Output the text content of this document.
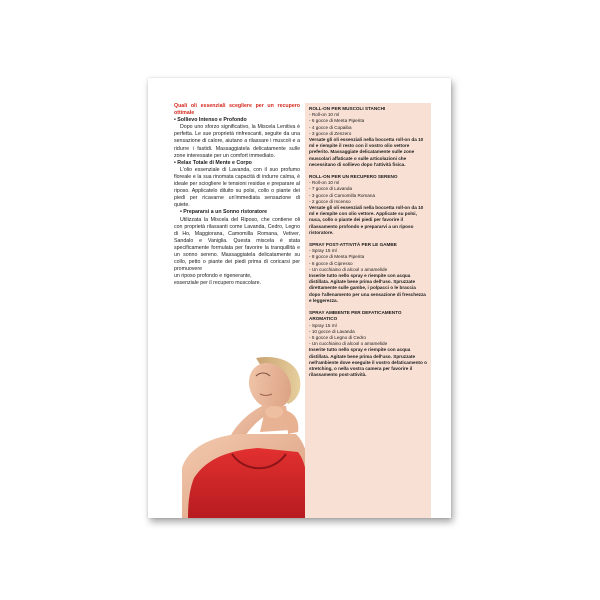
Quali oli essenziali scegliere per un recupero ottimale

• Sollievo Intenso e Profondo

Dopo uno sforzo significativo, la Miscela Lenitiva è perfetta. Le sue proprietà rinfrescanti, seguite da una sensazione di calore, aiutano a rilassare i muscoli e a ridurre i fastidi. Massaggiatela delicatamente sulle zone interessate per un comfort immediato.

• Relax Totale di Mente e Corpo

L'olio essenziale di Lavanda, con il suo profumo floreale e la sua rinomata capacità di indurre calma, è ideale per sciogliere le tensioni residue e preparare al riposo. Applicatelo diluito su polsi, collo o piante dei piedi per ricavarne un'immediata sensazione di quiete.

• Prepararsi a un Sonno ristoratore

Utilizzata la Miscela del Riposo, che contiene oli con proprietà rilassanti come Lavanda, Cedro, Legno di Ho, Maggiorana, Camomilla Romana, Vetiver, Sandalo e Vaniglia. Questa miscela è stata specificamente formulata per favorire la tranquillità e un sonno sereno. Massaggiatela delicatamente su collo, petto o piante dei piedi prima di coricarsi per promuovere

un riposo profondo e rigenerante, essenziale per il recupero muscolare.

ROLL-ON PER MUSCOLI STANCHI
- Roll-on 10 ml
- 6 gocce di Menta Piperita
- 4 gocce di Copaiba
- 3 gocce di Zenzero
Versate gli oli essenziali nella boccetta roll-on da 10 ml e riempite il resto con il vostro olio vettore preferito. Massaggiate delicatamente sulle zone muscolari affaticate o sulle articolazioni che necessitano di sollievo dopo l'attività fisica.
ROLL-ON PER UN RECUPERO SERENO
- Roll-on 10 ml
- 7 gocce di Lavanda
- 3 gocce di Camomilla Romana
- 2 gocce di Incenso
Versate gli oli essenziali nella boccetta roll-on da 10 ml e riempite con olio vettore. Applicate su polsi, nuca, collo o piante dei piedi per favorire il rilassamento profondo e prepararvi a un riposo ristoratore.
SPRAY POST-ATTIVITÀ PER LE GAMBE
- Spray 15 ml
- 8 gocce di Menta Piperita
- 6 gocce di Cipresso
- Un cucchiaino di alcool o amamelide
Inserite tutto nello spray e riempite con acqua distillata. Agitate bene prima dell'uso. Spruzzate direttamente sulle gambe, i polpacci o le braccia dopo l'allenamento per una sensazione di freschezza e leggerezza.
SPRAY AMBIENTE PER DEFATICAMENTO AROMATICO
- Spray 15 ml
- 10 gocce di Lavanda
- 5 gocce di Legno di Cedro
- Un cucchiaino di alcool o amamelide
Inserite tutto nello spray e riempite con acqua distillata. Agitate bene prima dell'uso. Spruzzate nell'ambiente dove eseguite il vostro defaticamento o stretching, o nella vostra camera per favorire il rilassamento post-attività.
